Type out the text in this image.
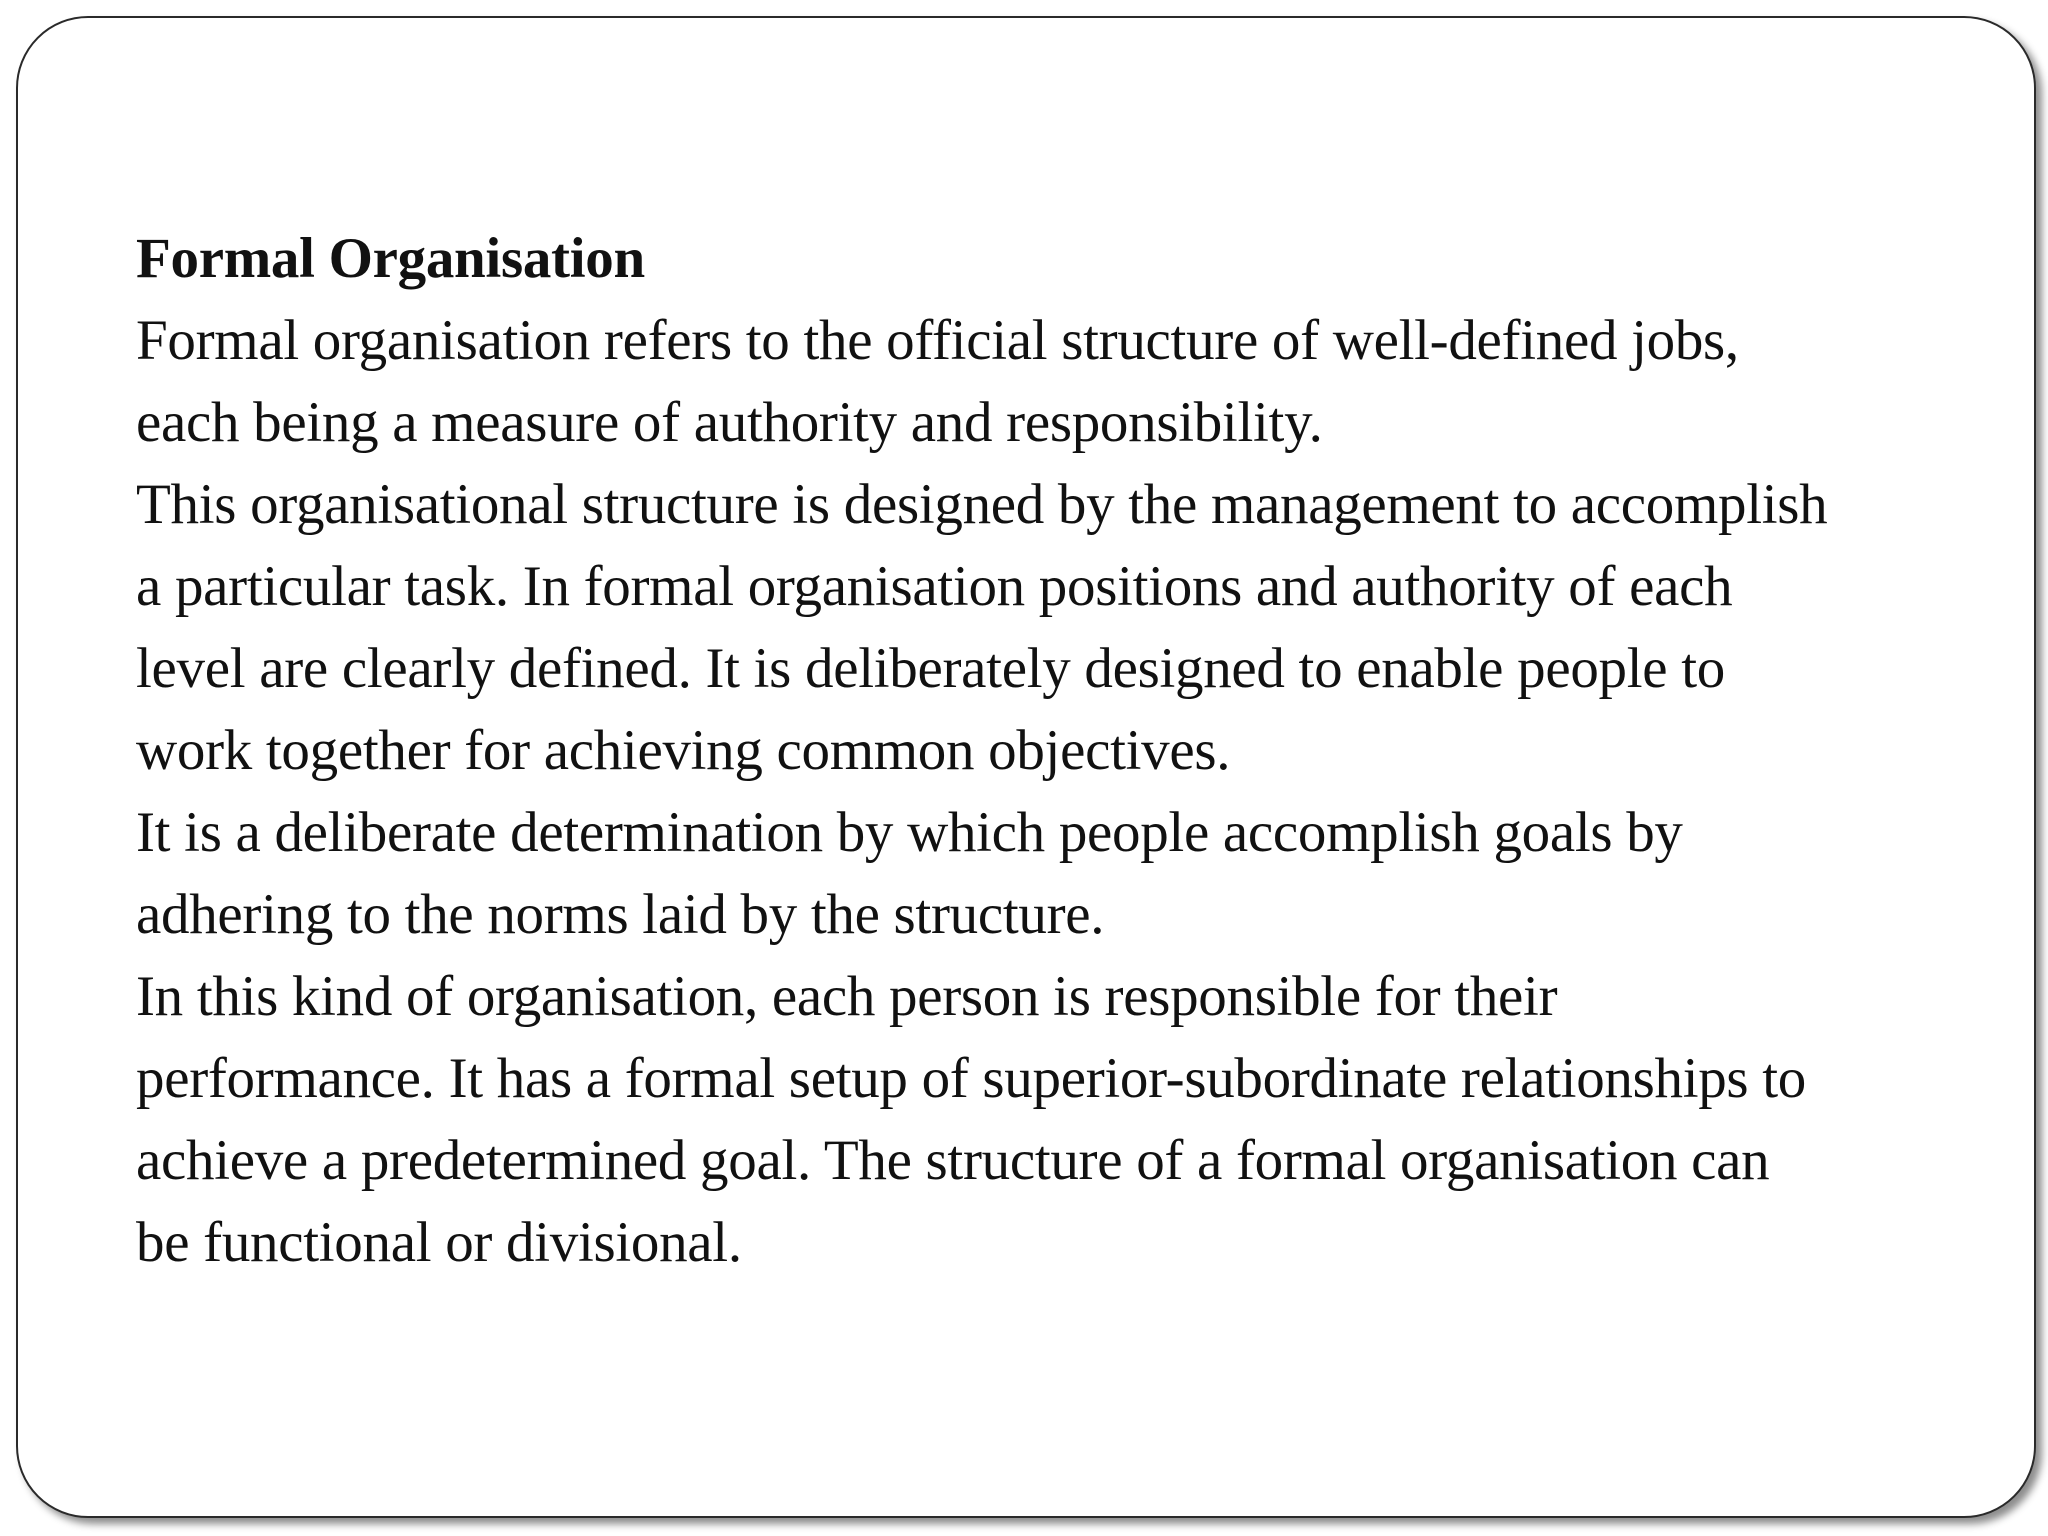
Formal Organisation

Formal organisation refers to the official structure of well-defined jobs,
each being a measure of authority and responsibility.

This organisational structure is designed by the management to accomplish
a particular task. In formal organisation positions and authority of each
level are clearly defined. It is deliberately designed to enable people to
work together for achieving common objectives.

It is a deliberate determination by which people accomplish goals by
adhering to the norms laid by the structure.

In this kind of organisation, each person is responsible for their
performance. It has a formal setup of superior-subordinate relationships to
achieve a predetermined goal. The structure of a formal organisation can
be functional or divisional.
